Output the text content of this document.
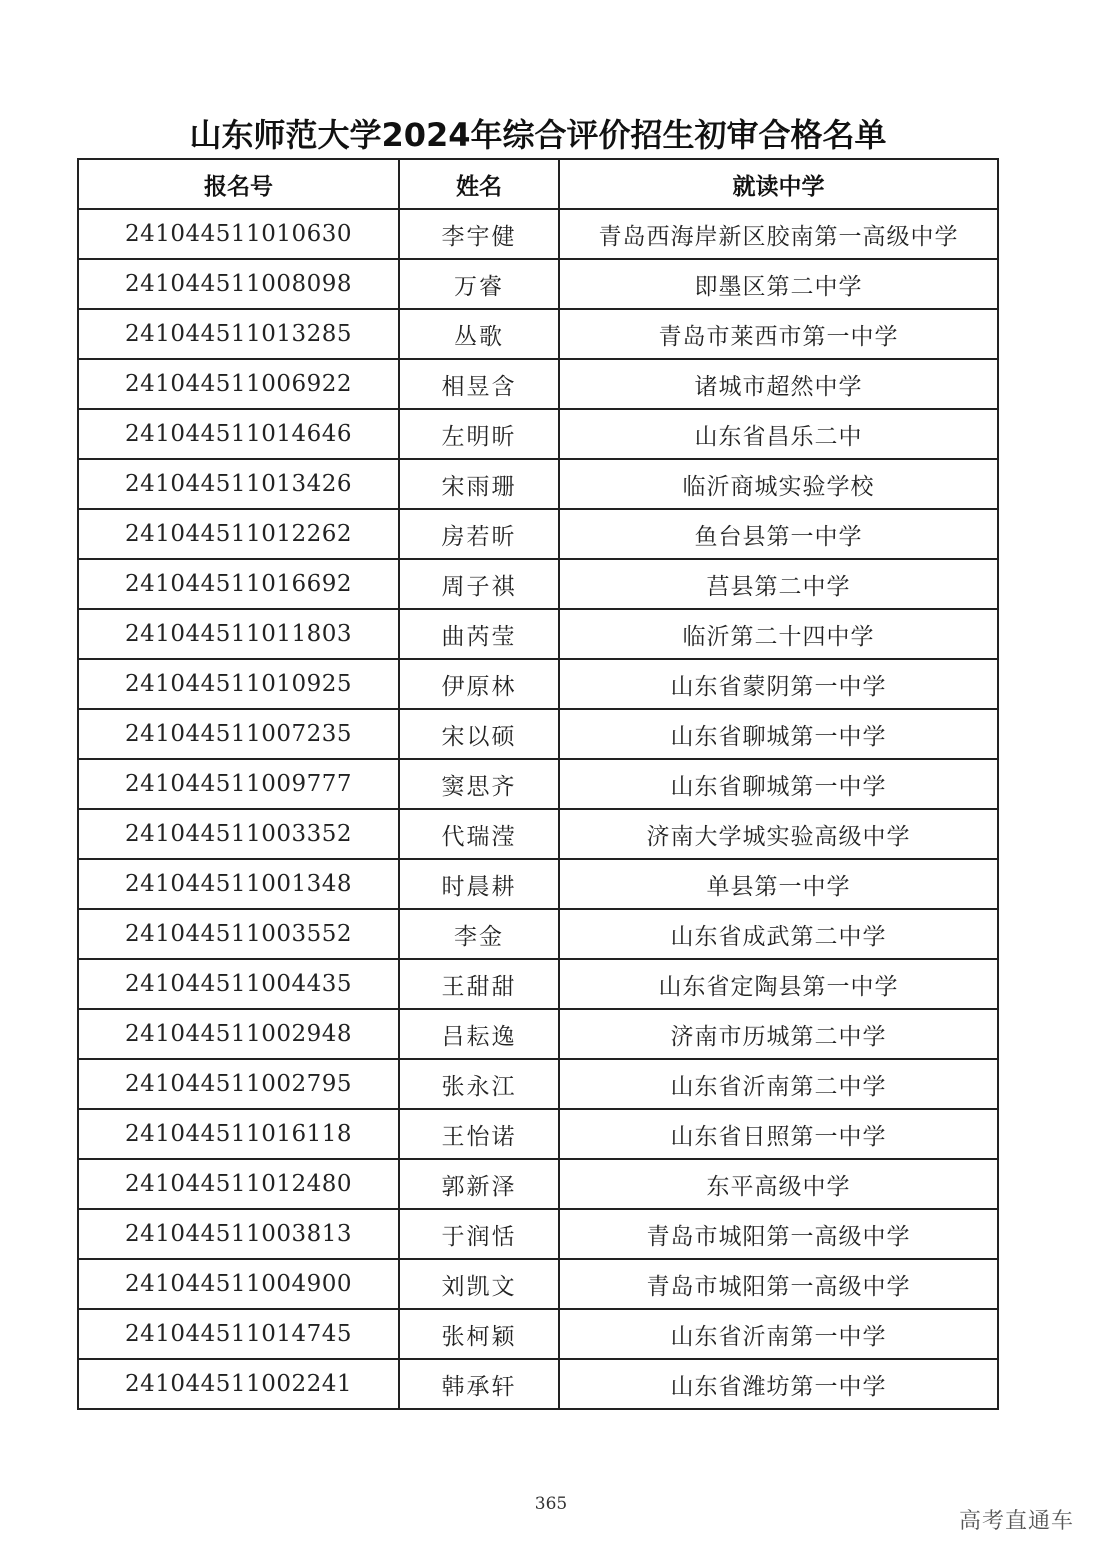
山东师范大学2024年综合评价招生初审合格名单
报名号	姓名	就读中学
241044511010630	李宇健	青岛西海岸新区胶南第一高级中学
241044511008098	万睿	即墨区第二中学
241044511013285	丛歌	青岛市莱西市第一中学
241044511006922	相昱含	诸城市超然中学
241044511014646	左明昕	山东省昌乐二中
241044511013426	宋雨珊	临沂商城实验学校
241044511012262	房若昕	鱼台县第一中学
241044511016692	周子祺	莒县第二中学
241044511011803	曲芮莹	临沂第二十四中学
241044511010925	伊原林	山东省蒙阴第一中学
241044511007235	宋以硕	山东省聊城第一中学
241044511009777	窦思齐	山东省聊城第一中学
241044511003352	代瑞滢	济南大学城实验高级中学
241044511001348	时晨耕	单县第一中学
241044511003552	李金	山东省成武第二中学
241044511004435	王甜甜	山东省定陶县第一中学
241044511002948	吕耘逸	济南市历城第二中学
241044511002795	张永江	山东省沂南第二中学
241044511016118	王怡诺	山东省日照第一中学
241044511012480	郭新泽	东平高级中学
241044511003813	于润恬	青岛市城阳第一高级中学
241044511004900	刘凯文	青岛市城阳第一高级中学
241044511014745	张柯颖	山东省沂南第一中学
241044511002241	韩承轩	山东省潍坊第一中学
365
高考直通车
